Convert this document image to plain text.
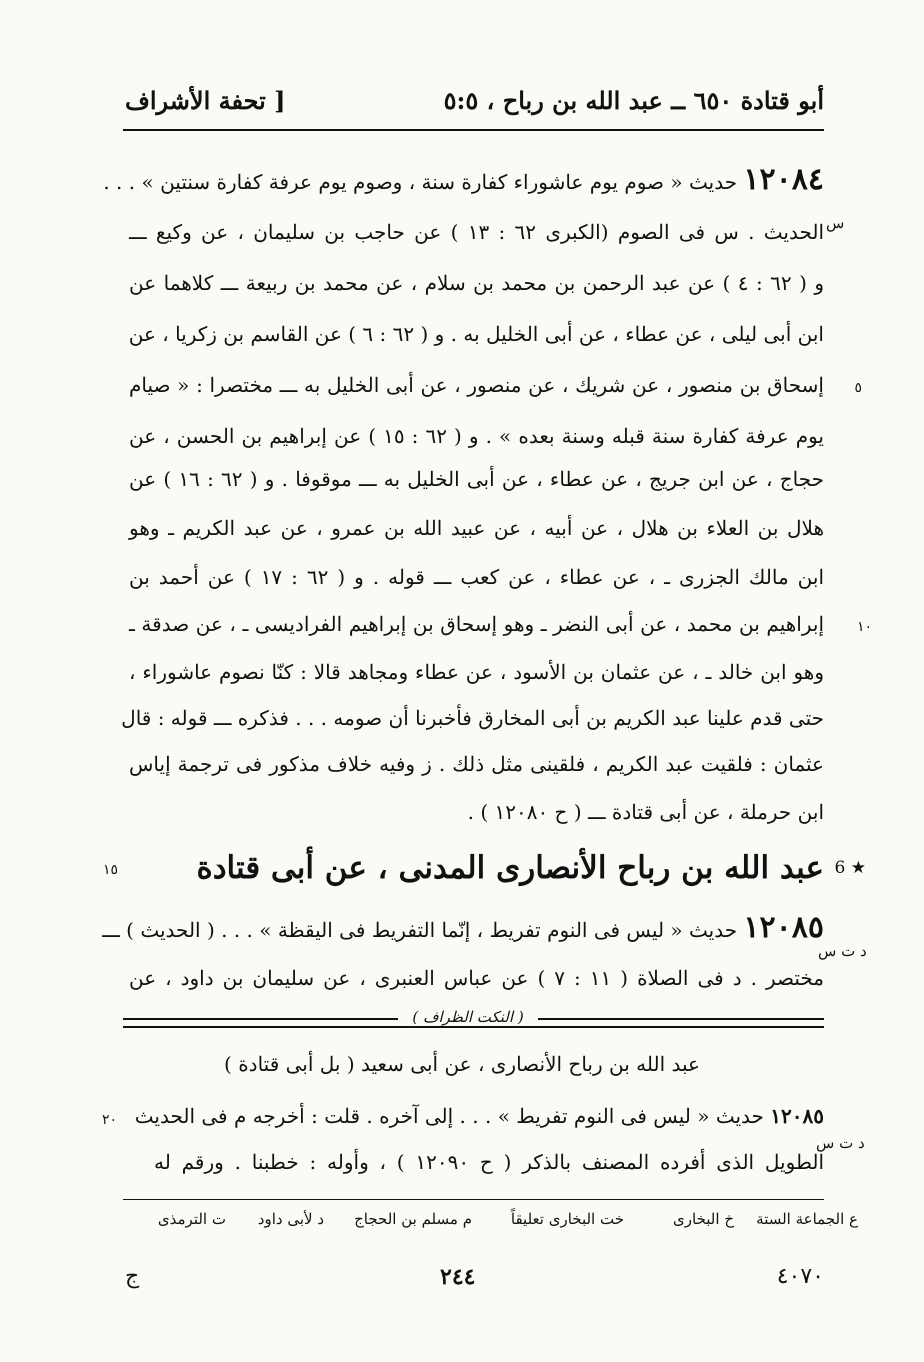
أبو قتادة ٦٥٠ ــ عبد الله بن رباح ، ٥:٥
[ تحفة الأشراف
١٢٠٨٤ حديث « صوم يوم عاشوراء كفارة سنة ، وصوم يوم عرفة كفارة سنتين » . . .
س
الحديث . س فى الصوم (الكبرى ٦٢ : ١٣ ) عن حاجب بن سليمان ، عن وكيع ـــ
و ( ٦٢ : ٤ ) عن عبد الرحمن بن محمد بن سلام ، عن محمد بن ربيعة ـــ كلاهما عن
ابن أبى ليلى ، عن عطاء ، عن أبى الخليل به . و ( ٦٢ : ٦ ) عن القاسم بن زكريا ، عن
٥
إسحاق بن منصور ، عن شريك ، عن منصور ، عن أبى الخليل به ـــ مختصرا : « صيام
يوم عرفة كفارة سنة قبله وسنة بعده » . و ( ٦٢ : ١٥ ) عن إبراهيم بن الحسن ، عن
حجاج ، عن ابن جريج ، عن عطاء ، عن أبى الخليل به ـــ موقوفا . و ( ٦٢ : ١٦ ) عن
هلال بن العلاء بن هلال ، عن أبيه ، عن عبيد الله بن عمرو ، عن عبد الكريم ـ وهو
ابن مالك الجزرى ـ ، عن عطاء ، عن كعب ـــ قوله . و ( ٦٢ : ١٧ ) عن أحمد بن
١٠
إبراهيم بن محمد ، عن أبى النضر ـ وهو إسحاق بن إبراهيم الفراديسى ـ ، عن صدقة ـ
وهو ابن خالد ـ ، عن عثمان بن الأسود ، عن عطاء ومجاهد قالا : كنّا نصوم عاشوراء ،
حتى قدم علينا عبد الكريم بن أبى المخارق فأخبرنا أن صومه . . . فذكره ـــ قوله : قال
عثمان : فلقيت عبد الكريم ، فلقينى مثل ذلك . ز وفيه خلاف مذكور فى ترجمة إياس
ابن حرملة ، عن أبى قتادة ـــ ( ح ١٢٠٨٠ ) .
6 ★
١٥	عبد الله بن رباح الأنصارى المدنى ، عن أبى قتادة
١٢٠٨٥ حديث « ليس فى النوم تفريط ، إنّما التفريط فى اليقظة » . . . ( الحديث ) ـــ
د ت س
مختصر . د فى الصلاة ( ١١ : ٧ ) عن عباس العنبرى ، عن سليمان بن داود ، عن
( النكت الظراف )
عبد الله بن رباح الأنصارى ، عن أبى سعيد ( بل أبى قتادة )
٢٠	١٢٠٨٥ حديث « ليس فى النوم تفريط » . . . إلى آخره . قلت : أخرجه م فى الحديث
د ت س
الطويل الذى أفرده المصنف بالذكر ( ح ١٢٠٩٠ ) ، وأوله : خطبنا . ورقم له
ع الجماعة الستة
خ البخارى
خت البخارى تعليقاً
م مسلم بن الحجاج
د لأبى داود
ت الترمذى
٤٠٧٠
٢٤٤
ج
